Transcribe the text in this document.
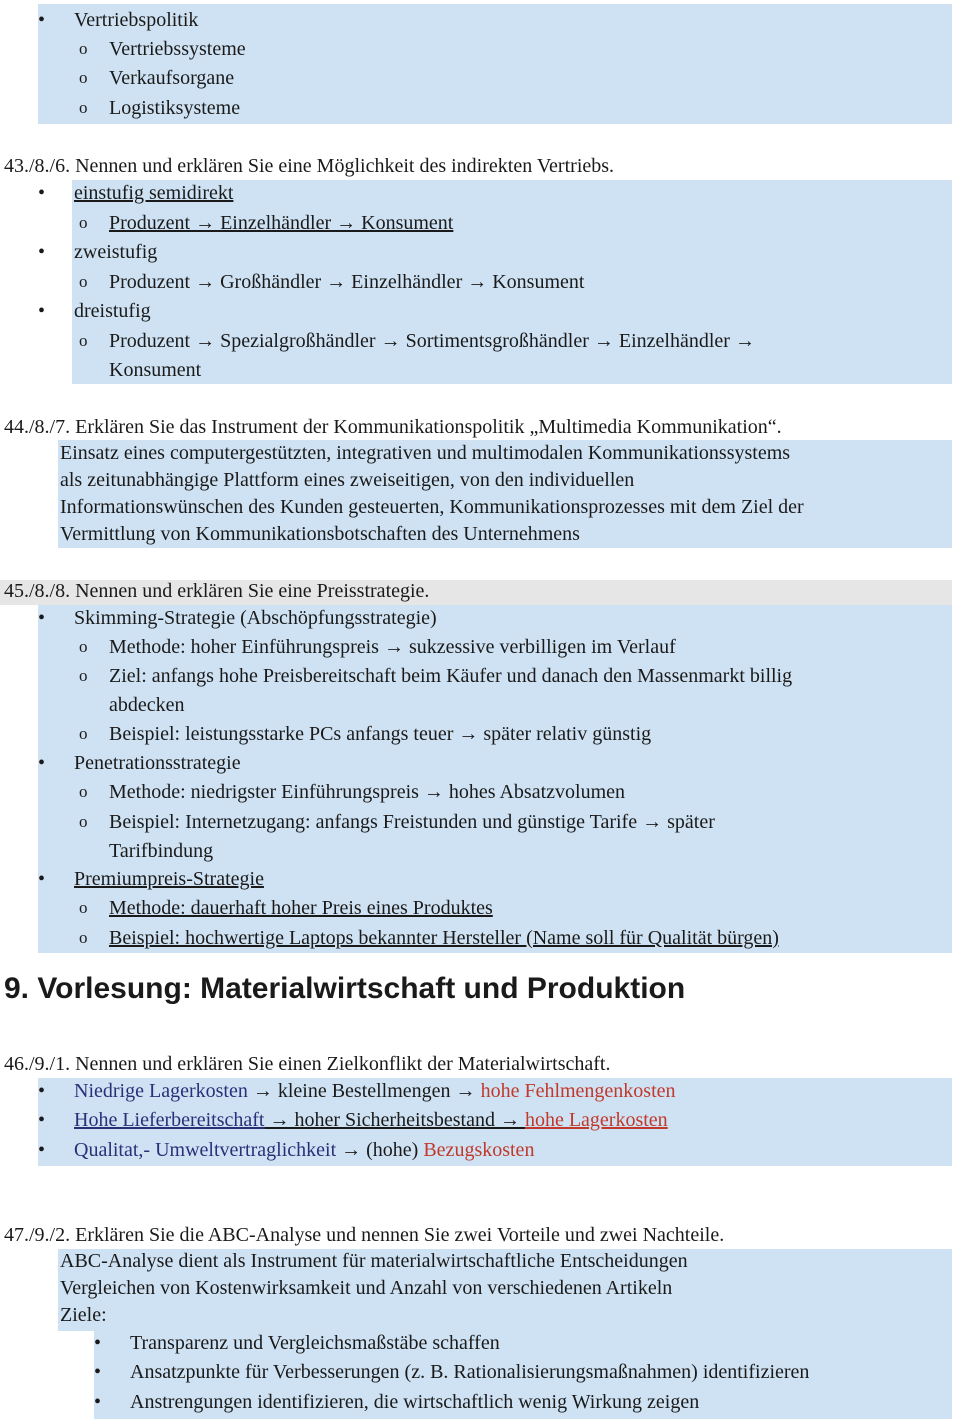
• Vertriebspolitik
o Vertriebssysteme
o Verkaufsorgane
o Logistiksysteme
43./8./6. Nennen und erklären Sie eine Möglichkeit des indirekten Vertriebs.
• einstufig semidirekt
o Produzent → Einzelhändler → Konsument
• zweistufig
o Produzent → Großhändler → Einzelhändler → Konsument
• dreistufig
o Produzent → Spezialgroßhändler → Sortimentsgroßhändler → Einzelhändler →
Konsument
44./8./7. Erklären Sie das Instrument der Kommunikationspolitik „Multimedia Kommunikation“.
Einsatz eines computergestützten, integrativen und multimodalen Kommunikationssystems
als zeitunabhängige Plattform eines zweiseitigen, von den individuellen
Informationswünschen des Kunden gesteuerten, Kommunikationsprozesses mit dem Ziel der
Vermittlung von Kommunikationsbotschaften des Unternehmens
45./8./8. Nennen und erklären Sie eine Preisstrategie.
• Skimming-Strategie (Abschöpfungsstrategie)
o Methode: hoher Einführungspreis → sukzessive verbilligen im Verlauf
o Ziel: anfangs hohe Preisbereitschaft beim Käufer und danach den Massenmarkt billig
abdecken
o Beispiel: leistungsstarke PCs anfangs teuer → später relativ günstig
• Penetrationsstrategie
o Methode: niedrigster Einführungspreis → hohes Absatzvolumen
o Beispiel: Internetzugang: anfangs Freistunden und günstige Tarife → später
Tarifbindung
• Premiumpreis-Strategie
o Methode: dauerhaft hoher Preis eines Produktes
o Beispiel: hochwertige Laptops bekannter Hersteller (Name soll für Qualität bürgen)
9. Vorlesung: Materialwirtschaft und Produktion
46./9./1. Nennen und erklären Sie einen Zielkonflikt der Materialwirtschaft.
• Niedrige Lagerkosten → kleine Bestellmengen → hohe Fehlmengenkosten
• Hohe Lieferbereitschaft → hoher Sicherheitsbestand → hohe Lagerkosten
• Qualitat,- Umweltvertraglichkeit → (hohe) Bezugskosten
47./9./2. Erklären Sie die ABC-Analyse und nennen Sie zwei Vorteile und zwei Nachteile.
ABC-Analyse dient als Instrument für materialwirtschaftliche Entscheidungen
Vergleichen von Kostenwirksamkeit und Anzahl von verschiedenen Artikeln
Ziele:
• Transparenz und Vergleichsmaßstäbe schaffen
• Ansatzpunkte für Verbesserungen (z. B. Rationalisierungsmaßnahmen) identifizieren
• Anstrengungen identifizieren, die wirtschaftlich wenig Wirkung zeigen
